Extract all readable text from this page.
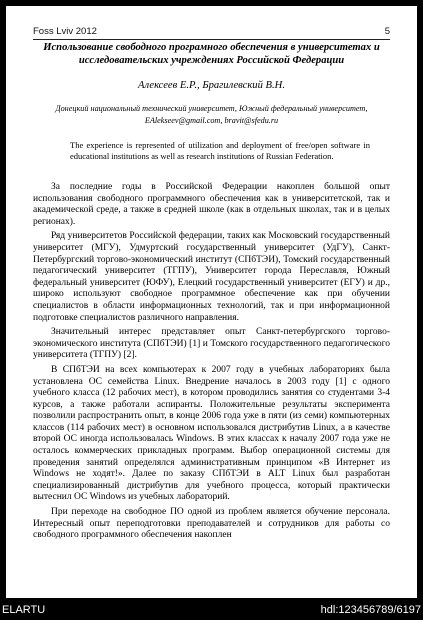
Foss Lviv 2012	5
Использование свободного програмного обеспечения в университетах и исследовательских учреждениях Российской Федерации
Алексеев Е.Р., Брагилевский В.Н.
Донецкий национальный технический университет, Южный федеральный университет, EAlekseev@gmail.com, bravit@sfedu.ru
The experience is represented of utilization and deployment of free/open software in educational institutions as well as research institutions of Russian Federation.

За последние годы в Российской Федерации накоплен большой опыт использования свободного программного обеспечения как в университетской, так и академической среде, а также в средней школе (как в отдельных школах, так и в целых регионах).

Ряд университетов Российской федерации, таких как Московский государственный университет (МГУ), Удмуртский государственный университет (УдГУ), Санкт-Петербургский торгово-экономический институт (СПбТЭИ), Томский государственный педагогический университет (ТГПУ), Университет города Переславля, Южный федеральный университет (ЮФУ), Елецкий государственный университет (ЕГУ) и др., широко используют свободное программное обеспечение как при обучении специалистов в области информационных технологий, так и при информационной подготовке специалистов различного направления.

Значительный интерес представляет опыт Санкт-петербургского торгово-экономического института (СПбТЭИ) [1] и Томского государственного педагогического университета (ТГПУ) [2].

В СПбТЭИ на всех компьютерах к 2007 году в учебных лабораториях была установлена ОС семейства Linux. Внедрение началось в 2003 году [1] с одного учебного класса (12 рабочих мест), в котором проводились занятия со студентами 3-4 курсов, а также работали аспиранты. Положительные результаты эксперимента позволили распространить опыт, в конце 2006 года уже в пяти (из семи) компьютерных классов (114 рабочих мест) в основном использовался дистрибутив Linux, а в качестве второй ОС иногда использовалась Windows. В этих классах к началу 2007 года уже не осталось коммерческих прикладных программ. Выбор операционной системы для проведения занятий определялся административным принципом «В Интернет из Windows не ходят!». Далее по заказу СПбТЭИ в ALT Linux был разработан специализированный дистрибутив для учебного процесса, который практически вытеснил ОС Windows из учебных лабораторий.

При переходе на свободное ПО одной из проблем является обучение персонала. Интересный опыт переподготовки преподавателей и сотрудников для работы со свободного программного обеспечения накоплен

ELARTU	hdl:123456789/6197
